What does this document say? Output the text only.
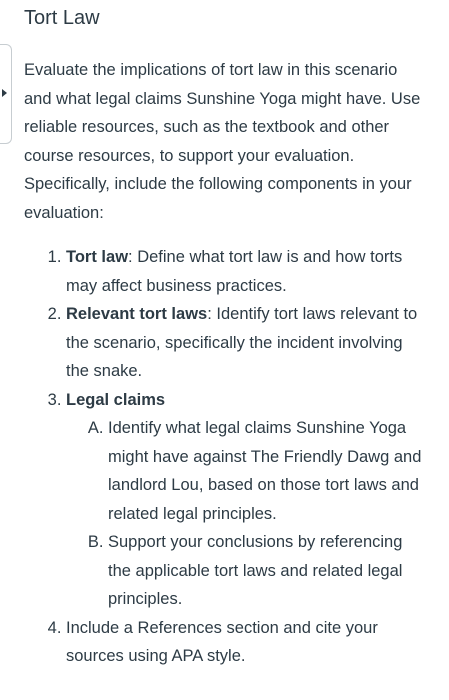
Tort Law

Evaluate the implications of tort law in this scenario and what legal claims Sunshine Yoga might have. Use reliable resources, such as the textbook and other course resources, to support your evaluation. Specifically, include the following components in your evaluation:

1. Tort law: Define what tort law is and how torts may affect business practices.
2. Relevant tort laws: Identify tort laws relevant to the scenario, specifically the incident involving the snake.
3. Legal claims
A. Identify what legal claims Sunshine Yoga might have against The Friendly Dawg and landlord Lou, based on those tort laws and related legal principles.
B. Support your conclusions by referencing the applicable tort laws and related legal principles.
4. Include a References section and cite your sources using APA style.
